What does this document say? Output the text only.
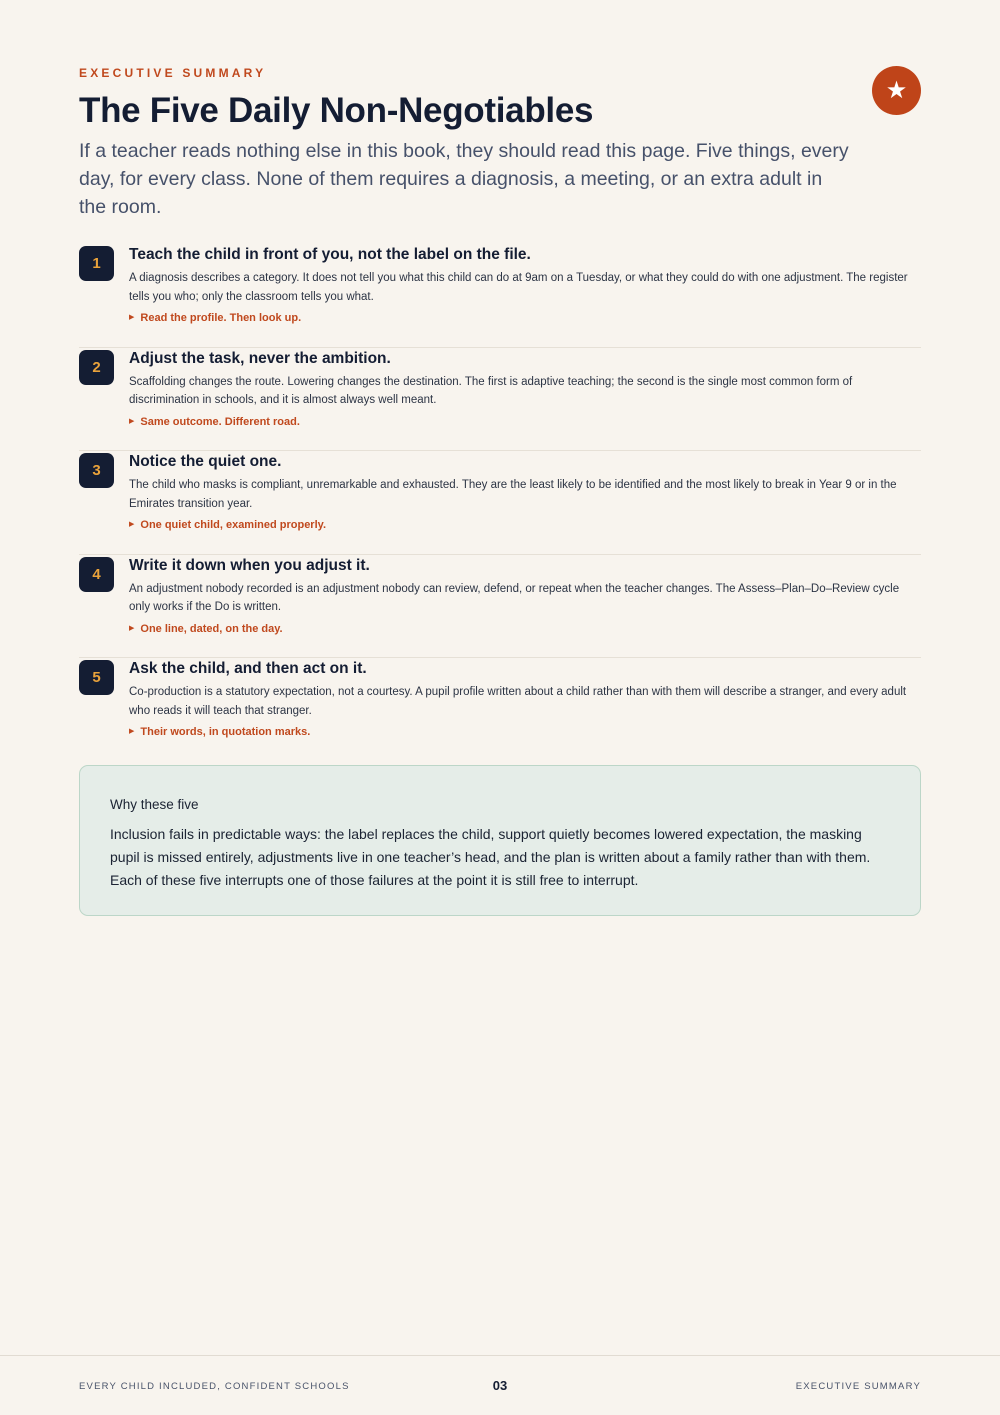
EXECUTIVE SUMMARY
★
The Five Daily Non-Negotiables

If a teacher reads nothing else in this book, they should read this page. Five things, every day, for every class. None of them requires a diagnosis, a meeting, or an extra adult in the room.

1
Teach the child in front of you, not the label on the file.

A diagnosis describes a category. It does not tell you what this child can do at 9am on a Tuesday, or what they could do with one adjustment. The register tells you who; only the classroom tells you what.

▶ Read the profile. Then look up.

2
Adjust the task, never the ambition.

Scaffolding changes the route. Lowering changes the destination. The first is adaptive teaching; the second is the single most common form of discrimination in schools, and it is almost always well meant.

▶ Same outcome. Different road.

3
Notice the quiet one.

The child who masks is compliant, unremarkable and exhausted. They are the least likely to be identified and the most likely to break in Year 9 or in the Emirates transition year.

▶ One quiet child, examined properly.

4
Write it down when you adjust it.

An adjustment nobody recorded is an adjustment nobody can review, defend, or repeat when the teacher changes. The Assess–Plan–Do–Review cycle only works if the Do is written.

▶ One line, dated, on the day.

5
Ask the child, and then act on it.

Co-production is a statutory expectation, not a courtesy. A pupil profile written about a child rather than with them will describe a stranger, and every adult who reads it will teach that stranger.

▶ Their words, in quotation marks.

Why these five

Inclusion fails in predictable ways: the label replaces the child, support quietly becomes lowered expectation, the masking pupil is missed entirely, adjustments live in one teacher’s head, and the plan is written about a family rather than with them. Each of these five interrupts one of those failures at the point it is still free to interrupt.

EVERY CHILD INCLUDED, CONFIDENT SCHOOLS	03	EXECUTIVE SUMMARY
